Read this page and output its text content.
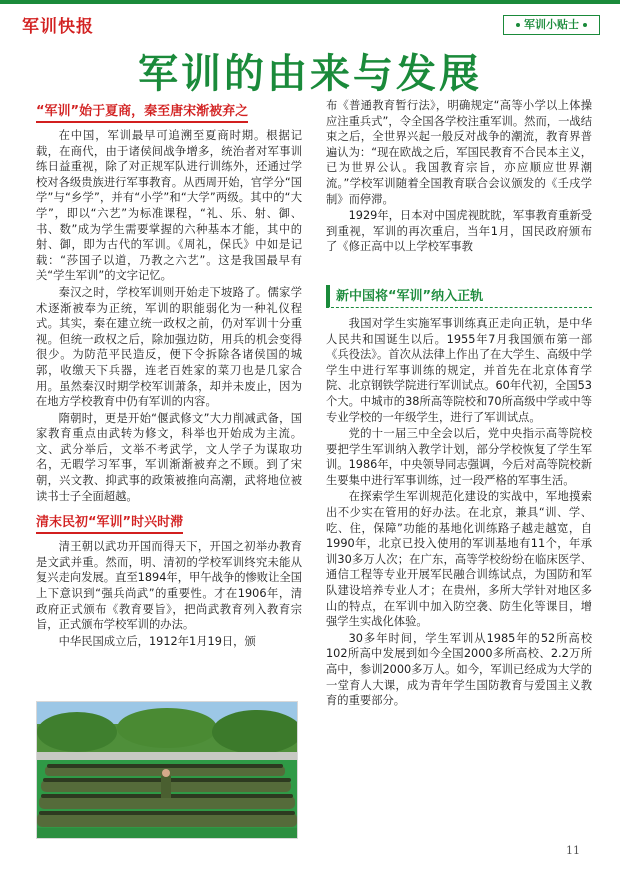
军训快报	军训小贴士
军训的由来与发展
“军训”始于夏商，秦至唐宋渐被弃之

在中国，军训最早可追溯至夏商时期。根据记载，在商代，由于诸侯间战争增多，统治者对军事训练日益重视，除了对正规军队进行训练外，还通过学校对各级贵族进行军事教育。从西周开始，官学分“国学”与“乡学”，并有“小学”和“大学”两级。其中的“大学”，即以“六艺”为标准课程，“礼、乐、射、御、书、数”成为学生需要掌握的六种基本才能，其中的射、御，即为古代的军训。《周礼，保氏》中如是记载：“莎国子以道，乃教之六艺”。这是我国最早有关“学生军训”的文字记忆。

秦汉之时，学校军训则开始走下坡路了。儒家学术逐渐被奉为正统，军训的职能弱化为一种礼仪程式。其实，秦在建立统一政权之前，仍对军训十分重视。但统一政权之后，除加强边防，用兵的机会变得很少。为防范平民造反，便下令拆除各诸侯国的城郭，收缴天下兵器，连老百姓家的菜刀也是几家合用。虽然秦汉时期学校军训萧条，却并未废止，因为在地方学校教育中仍有军训的内容。

隋朝时，更是开始“偃武修文”大力削减武备，国家教育重点由武转为修文，科举也开始成为主流。文、武分举后，文举不考武学，文人学子为谋取功名，无暇学习军事，军训渐渐被弃之不顾。到了宋朝，兴文教、抑武事的政策被推向高潮，武将地位被读书士子全面超越。

清末民初“军训”时兴时滞

清王朝以武功开国而得天下，开国之初举办教育是文武并重。然而，明、清初的学校军训终究未能从复兴走向发展。直至1894年，甲午战争的惨败让全国上下意识到“强兵尚武”的重要性。才在1906年，清政府正式颁布《教育要旨》，把尚武教育列入教育宗旨，正式颁布学校军训的办法。

中华民国成立后，1912年1月19日，颁

布《普通教育暂行法》，明确规定“高等小学以上体操应注重兵式”，令全国各学校注重军训。然而，一战结束之后，全世界兴起一般反对战争的潮流，教育界普遍认为：“现在欧战之后，军国民教育不合民本主义，已为世界公认。我国教育宗旨，亦应顺应世界潮流。”学校军训随着全国教育联合会议颁发的《壬戌学制》而停滞。

1929年，日本对中国虎视眈眈，军事教育重新受到重视，军训的再次重启，当年1月，国民政府颁布了《修正高中以上学校军事教

新中国将“军训”纳入正轨

我国对学生实施军事训练真正走向正轨，是中华人民共和国诞生以后。1955年7月我国颁布第一部《兵役法》。首次从法律上作出了在大学生、高级中学学生中进行军事训练的规定，并首先在北京体育学院、北京钢铁学院进行军训试点。60年代初，全国53个大。中城市的38所高等院校和70所高级中学或中等专业学校的一年级学生，进行了军训试点。

党的十一届三中全会以后，党中央指示高等院校要把学生军训纳入教学计划，部分学校恢复了学生军训。1986年，中央领导同志强调，今后对高等院校新生要集中进行军事训练，过一段严格的军事生活。

在探索学生军训规范化建设的实战中，军地摸索出不少实在管用的好办法。在北京，兼具“训、学、吃、住，保障”功能的基地化训练路子越走越宽，自1990年，北京已投入使用的军训基地有11个，年承训30多万人次；在广东，高等学校纷纷在临床医学、通信工程等专业开展军民融合训练试点，为国防和军队建设培养专业人才；在贵州，多所大学针对地区多山的特点，在军训中加入防空袭、防生化等课目，增强学生实战化体验。

30多年时间，学生军训从1985年的52所高校102所高中发展到如今全国2000多所高校、2.2万所高中，参训2000多万人。如今，军训已经成为大学的一堂育人大课，成为青年学生国防教育与爱国主义教育的重要部分。

11
